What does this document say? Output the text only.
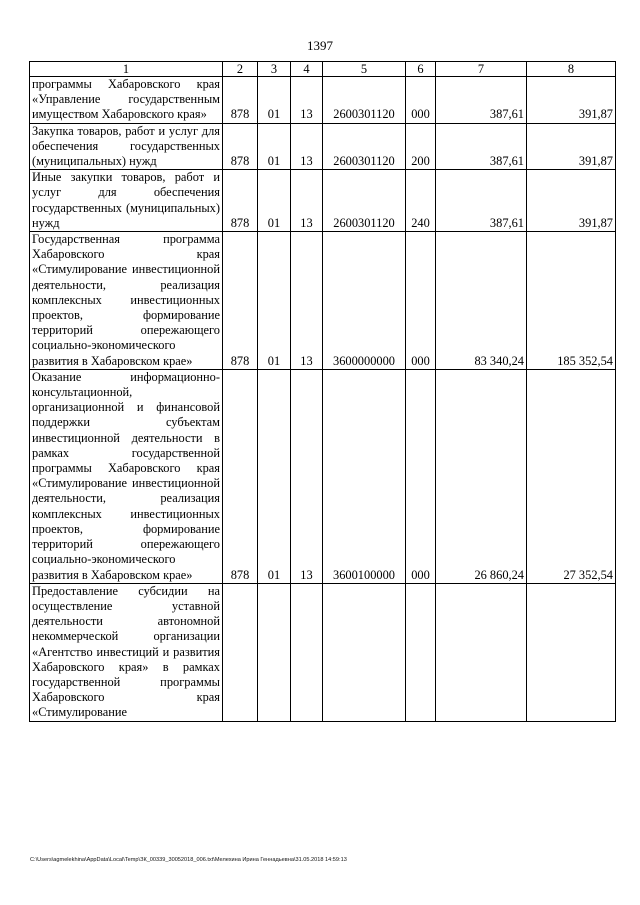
1397
1	2	3	4	5	6	7	8
программы Хабаровского края «Управление государственным имуществом Хабаровского края»	878	01	13	2600301120	000	387,61	391,87
Закупка товаров, работ и услуг для обеспечения государственных (муниципальных) нужд	878	01	13	2600301120	200	387,61	391,87
Иные закупки товаров, работ и услуг для обеспечения государственных (муниципальных) нужд	878	01	13	2600301120	240	387,61	391,87
Государственная программа Хабаровского края «Стимулирование инвестиционной деятельности, реализация комплексных инвестиционных проектов, формирование территорий опережающего социально-экономического развития в Хабаровском крае»	878	01	13	3600000000	000	83 340,24	185 352,54
Оказание информационно-консультационной, организационной и финансовой поддержки субъектам инвестиционной деятельности в рамках государственной программы Хабаровского края «Стимулирование инвестиционной деятельности, реализация комплексных инвестиционных проектов, формирование территорий опережающего социально-экономического развития в Хабаровском крае»	878	01	13	3600100000	000	26 860,24	27 352,54
Предоставление субсидии на осуществление уставной деятельности автономной некоммерческой организации «Агентство инвестиций и развития Хабаровского края» в рамках государственной программы Хабаровского края «Стимулирование							
C:\Users\agmelekhina\AppData\Local\Temp\ЗК_00339_30052018_006.txt\Мелехина Ирина Геннадьевна\31.05.2018 14:59:13
